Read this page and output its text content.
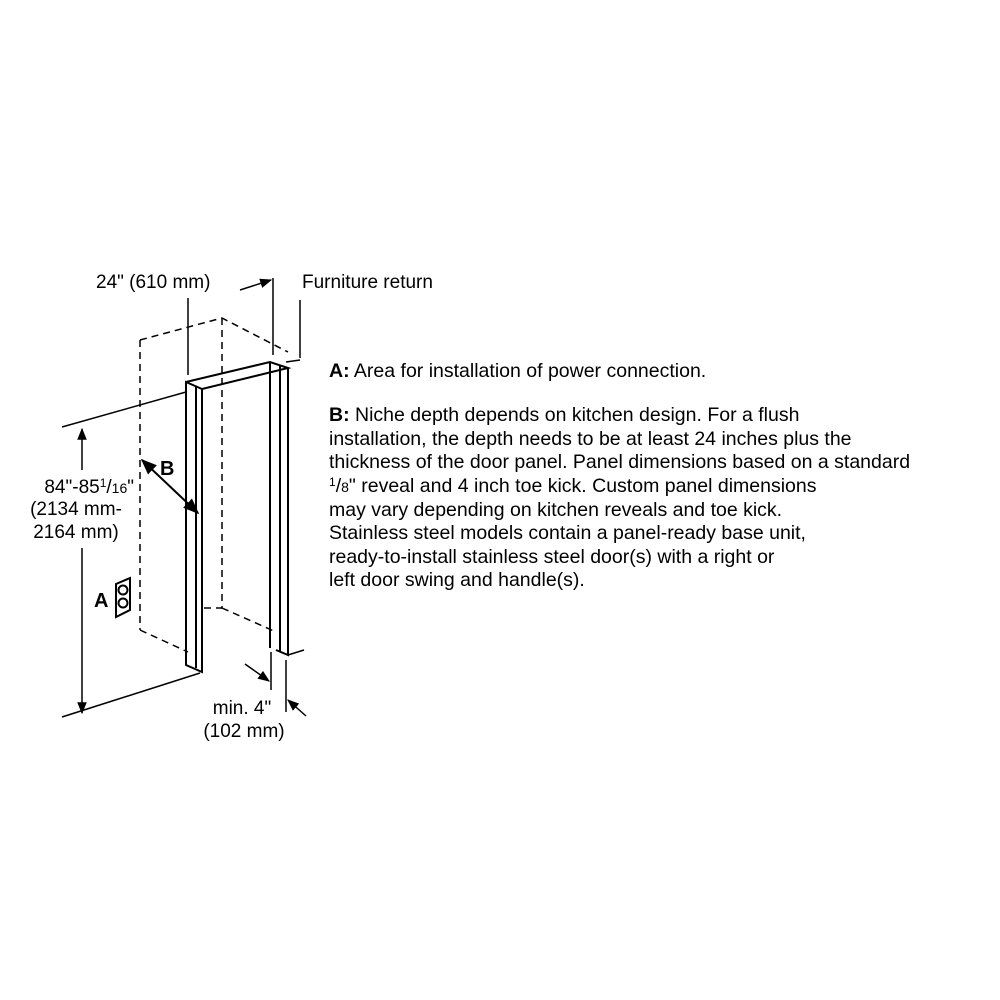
24" (610 mm)	Furniture return
$84"-85^1/16$"
(2134 mm-
2164 mm)
B
A
min. 4"
(102 mm)

A: Area for installation of power connection.

B: Niche depth depends on kitchen design. For a flush
installation, the depth needs to be at least 24 inches plus the
thickness of the door panel. Panel dimensions based on a standard
$^1$/8" reveal and 4 inch toe kick. Custom panel dimensions
may vary depending on kitchen reveals and toe kick.
Stainless steel models contain a panel-ready base unit,
ready-to-install stainless steel door(s) with a right or
left door swing and handle(s).
